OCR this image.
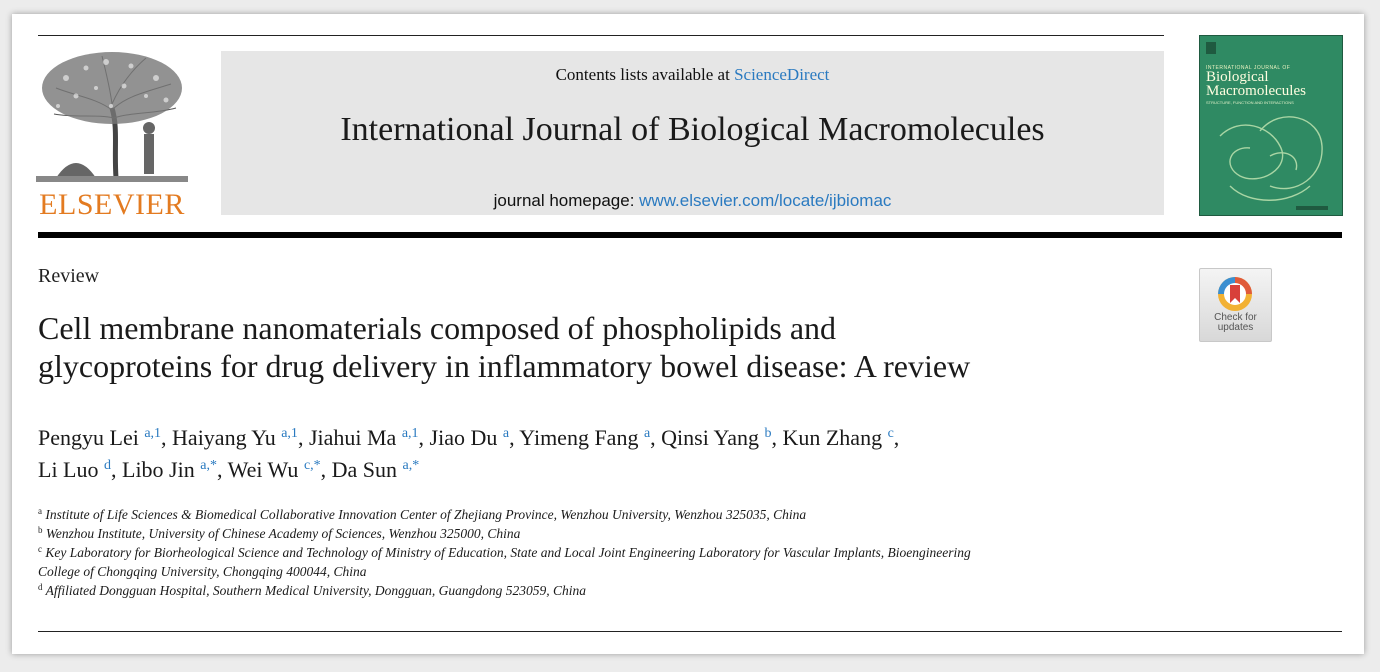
ELSEVIER
Contents lists available at ScienceDirect
International Journal of Biological Macromolecules
journal homepage: www.elsevier.com/locate/ijbiomac
INTERNATIONAL JOURNAL OF
Biological
Macromolecules
STRUCTURE, FUNCTION AND INTERACTIONS
Review
Check for
updates
Cell membrane nanomaterials composed of phospholipids and
glycoproteins for drug delivery in inflammatory bowel disease: A review
Pengyu Lei $^{a,1}$, Haiyang Yu $^{a,1}$, Jiahui Ma $^{a,1}$, Jiao Du $^a$, Yimeng Fang $^a$, Qinsi Yang $^b$, Kun Zhang $^c$,
Li Luo $^d$, Libo Jin $^{a,*}$, Wei Wu $^{c,*}$, Da Sun $^{a,*}$
$^a$ Institute of Life Sciences & Biomedical Collaborative Innovation Center of Zhejiang Province, Wenzhou University, Wenzhou 325035, China
$^b$ Wenzhou Institute, University of Chinese Academy of Sciences, Wenzhou 325000, China
$^c$ Key Laboratory for Biorheological Science and Technology of Ministry of Education, State and Local Joint Engineering Laboratory for Vascular Implants, Bioengineering
College of Chongqing University, Chongqing 400044, China
$^d$ Affiliated Dongguan Hospital, Southern Medical University, Dongguan, Guangdong 523059, China
